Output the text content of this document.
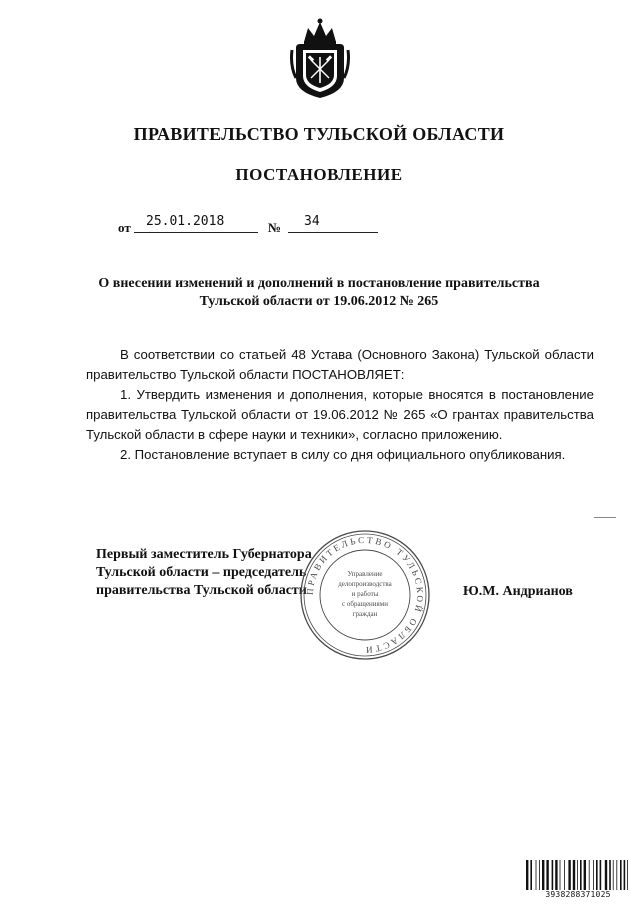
ПРАВИТЕЛЬСТВО ТУЛЬСКОЙ ОБЛАСТИ
ПОСТАНОВЛЕНИЕ
от 25.01.2018	№ 34
О внесении изменений и дополнений в постановление правительства
Тульской области от 19.06.2012 № 265

В соответствии со статьей 48 Устава (Основного Закона) Тульской области правительство Тульской области ПОСТАНОВЛЯЕТ:

1. Утвердить изменения и дополнения, которые вносятся в постановление правительства Тульской области от 19.06.2012 № 265 «О грантах правительства Тульской области в сфере науки и техники», согласно приложению.

2. Постановление вступает в силу со дня официального опубликования.

Первый заместитель Губернатора
Тульской области – председатель
правительства Тульской области
ПРАВИТЕЛЬСТВО ТУЛЬСКОЙ ОБЛАСТИ
Управление
делопроизводства
и работы
с обращениями
граждан
Ю.М. Андрианов
3938288371025
